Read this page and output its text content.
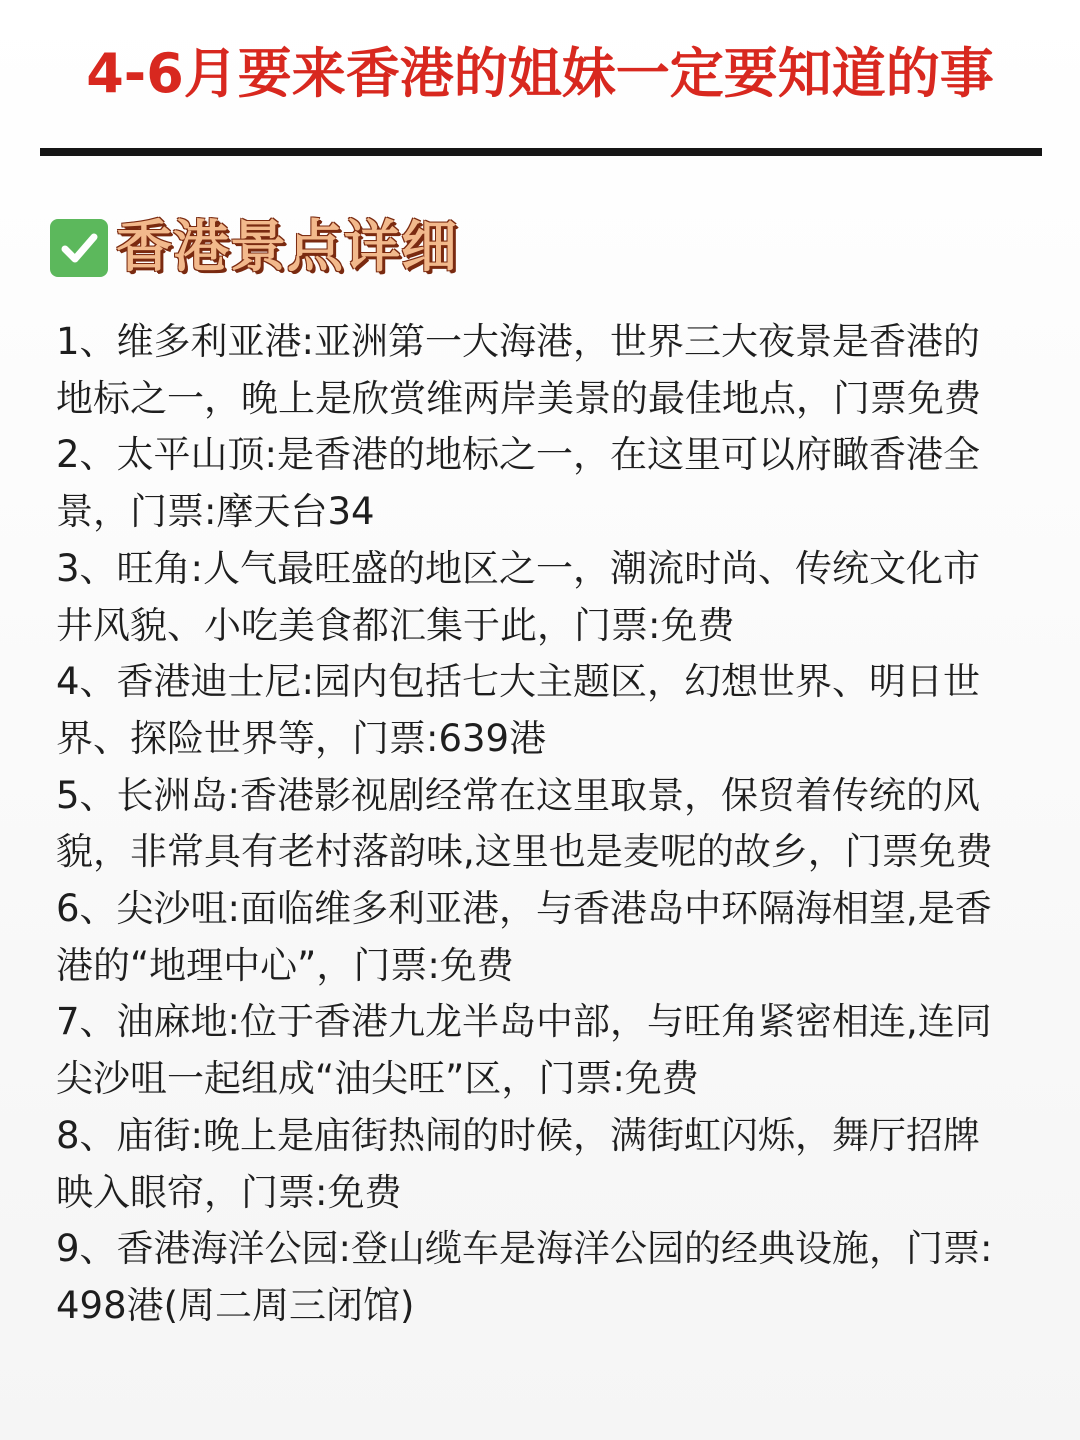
4-6月要来香港的姐妹一定要知道的事
香港景点详细

1、维多利亚港:亚洲第一大海港，世界三大夜景是香港的地标之一，晚上是欣赏维两岸美景的最佳地点，门票免费

2、太平山顶:是香港的地标之一，在这里可以府瞰香港全景，门票:摩天台34

3、旺角:人气最旺盛的地区之一，潮流时尚、传统文化市井风貌、小吃美食都汇集于此，门票:免费

4、香港迪士尼:园内包括七大主题区，幻想世界、明日世界、探险世界等，门票:639港

5、长洲岛:香港影视剧经常在这里取景，保贸着传统的风貌，非常具有老村落韵味,这里也是麦呢的故乡，门票免费6、尖沙咀:面临维多利亚港，与香港岛中环隔海相望,是香港的“地理中心”，门票:免费

7、油麻地:位于香港九龙半岛中部，与旺角紧密相连,连同尖沙咀一起组成“油尖旺”区，门票:免费

8、庙街:晚上是庙街热闹的时候，满街虹闪烁，舞厅招牌映入眼帘，门票:免费

9、香港海洋公园:登山缆车是海洋公园的经典设施，门票:498港(周二周三闭馆)
